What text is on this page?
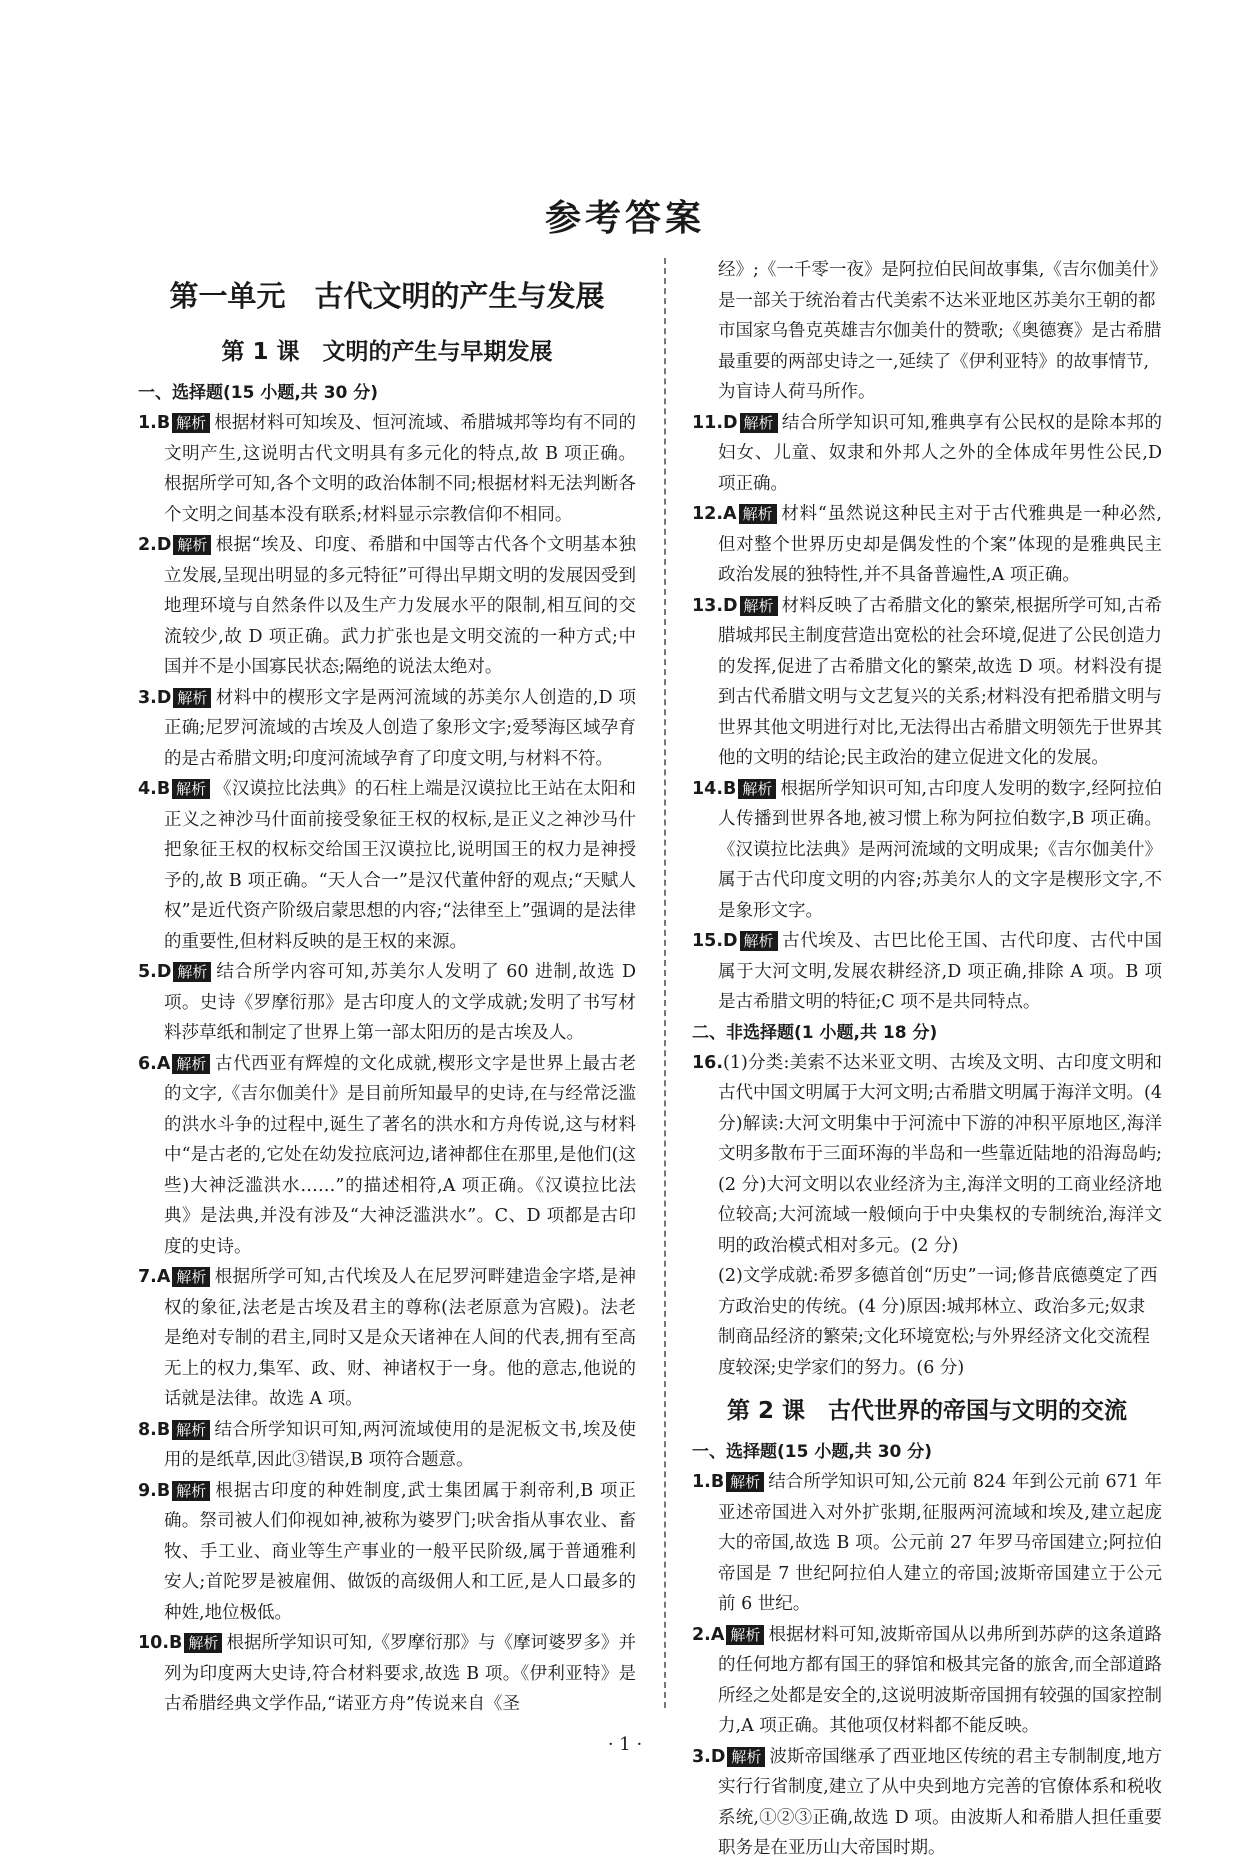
参考答案
第一单元　古代文明的产生与发展
第 1 课　文明的产生与早期发展
一、选择题(15 小题,共 30 分)

1.B 解析 根据材料可知埃及、恒河流域、希腊城邦等均有不同的文明产生,这说明古代文明具有多元化的特点,故 B 项正确。根据所学可知,各个文明的政治体制不同;根据材料无法判断各个文明之间基本没有联系;材料显示宗教信仰不相同。

2.D 解析 根据“埃及、印度、希腊和中国等古代各个文明基本独立发展,呈现出明显的多元特征”可得出早期文明的发展因受到地理环境与自然条件以及生产力发展水平的限制,相互间的交流较少,故 D 项正确。武力扩张也是文明交流的一种方式;中国并不是小国寡民状态;隔绝的说法太绝对。

3.D 解析 材料中的楔形文字是两河流域的苏美尔人创造的,D 项正确;尼罗河流域的古埃及人创造了象形文字;爱琴海区域孕育的是古希腊文明;印度河流域孕育了印度文明,与材料不符。

4.B 解析 《汉谟拉比法典》的石柱上端是汉谟拉比王站在太阳和正义之神沙马什面前接受象征王权的权标,是正义之神沙马什把象征王权的权标交给国王汉谟拉比,说明国王的权力是神授予的,故 B 项正确。“天人合一”是汉代董仲舒的观点;“天赋人权”是近代资产阶级启蒙思想的内容;“法律至上”强调的是法律的重要性,但材料反映的是王权的来源。

5.D 解析 结合所学内容可知,苏美尔人发明了 60 进制,故选 D 项。史诗《罗摩衍那》是古印度人的文学成就;发明了书写材料莎草纸和制定了世界上第一部太阳历的是古埃及人。

6.A 解析 古代西亚有辉煌的文化成就,楔形文字是世界上最古老的文字,《吉尔伽美什》是目前所知最早的史诗,在与经常泛滥的洪水斗争的过程中,诞生了著名的洪水和方舟传说,这与材料中“是古老的,它处在幼发拉底河边,诸神都住在那里,是他们(这些)大神泛滥洪水……”的描述相符,A 项正确。《汉谟拉比法典》是法典,并没有涉及“大神泛滥洪水”。C、D 项都是古印度的史诗。

7.A 解析 根据所学可知,古代埃及人在尼罗河畔建造金字塔,是神权的象征,法老是古埃及君主的尊称(法老原意为宫殿)。法老是绝对专制的君主,同时又是众天诸神在人间的代表,拥有至高无上的权力,集军、政、财、神诸权于一身。他的意志,他说的话就是法律。故选 A 项。

8.B 解析 结合所学知识可知,两河流域使用的是泥板文书,埃及使用的是纸草,因此③错误,B 项符合题意。

9.B 解析 根据古印度的种姓制度,武士集团属于刹帝利,B 项正确。祭司被人们仰视如神,被称为婆罗门;吠舍指从事农业、畜牧、手工业、商业等生产事业的一般平民阶级,属于普通雅利安人;首陀罗是被雇佣、做饭的高级佣人和工匠,是人口最多的种姓,地位极低。

10.B 解析 根据所学知识可知,《罗摩衍那》与《摩诃婆罗多》并列为印度两大史诗,符合材料要求,故选 B 项。《伊利亚特》是古希腊经典文学作品,“诺亚方舟”传说来自《圣

经》;《一千零一夜》是阿拉伯民间故事集,《吉尔伽美什》是一部关于统治着古代美索不达米亚地区苏美尔王朝的都市国家乌鲁克英雄吉尔伽美什的赞歌;《奥德赛》是古希腊最重要的两部史诗之一,延续了《伊利亚特》的故事情节,为盲诗人荷马所作。

11.D 解析 结合所学知识可知,雅典享有公民权的是除本邦的妇女、儿童、奴隶和外邦人之外的全体成年男性公民,D 项正确。

12.A 解析 材料“虽然说这种民主对于古代雅典是一种必然,但对整个世界历史却是偶发性的个案”体现的是雅典民主政治发展的独特性,并不具备普遍性,A 项正确。

13.D 解析 材料反映了古希腊文化的繁荣,根据所学可知,古希腊城邦民主制度营造出宽松的社会环境,促进了公民创造力的发挥,促进了古希腊文化的繁荣,故选 D 项。材料没有提到古代希腊文明与文艺复兴的关系;材料没有把希腊文明与世界其他文明进行对比,无法得出古希腊文明领先于世界其他的文明的结论;民主政治的建立促进文化的发展。

14.B 解析 根据所学知识可知,古印度人发明的数字,经阿拉伯人传播到世界各地,被习惯上称为阿拉伯数字,B 项正确。《汉谟拉比法典》是两河流域的文明成果;《吉尔伽美什》属于古代印度文明的内容;苏美尔人的文字是楔形文字,不是象形文字。

15.D 解析 古代埃及、古巴比伦王国、古代印度、古代中国属于大河文明,发展农耕经济,D 项正确,排除 A 项。B 项是古希腊文明的特征;C 项不是共同特点。

二、非选择题(1 小题,共 18 分)

16.(1)分类:美索不达米亚文明、古埃及文明、古印度文明和古代中国文明属于大河文明;古希腊文明属于海洋文明。(4 分)解读:大河文明集中于河流中下游的冲积平原地区,海洋文明多散布于三面环海的半岛和一些靠近陆地的沿海岛屿;(2 分)大河文明以农业经济为主,海洋文明的工商业经济地位较高;大河流域一般倾向于中央集权的专制统治,海洋文明的政治模式相对多元。(2 分)

(2)文学成就:希罗多德首创“历史”一词;修昔底德奠定了西方政治史的传统。(4 分)原因:城邦林立、政治多元;奴隶制商品经济的繁荣;文化环境宽松;与外界经济文化交流程度较深;史学家们的努力。(6 分)

第 2 课　古代世界的帝国与文明的交流
一、选择题(15 小题,共 30 分)

1.B 解析 结合所学知识可知,公元前 824 年到公元前 671 年亚述帝国进入对外扩张期,征服两河流域和埃及,建立起庞大的帝国,故选 B 项。公元前 27 年罗马帝国建立;阿拉伯帝国是 7 世纪阿拉伯人建立的帝国;波斯帝国建立于公元前 6 世纪。

2.A 解析 根据材料可知,波斯帝国从以弗所到苏萨的这条道路的任何地方都有国王的驿馆和极其完备的旅舍,而全部道路所经之处都是安全的,这说明波斯帝国拥有较强的国家控制力,A 项正确。其他项仅材料都不能反映。

3.D 解析 波斯帝国继承了西亚地区传统的君主专制制度,地方实行行省制度,建立了从中央到地方完善的官僚体系和税收系统,①②③正确,故选 D 项。由波斯人和希腊人担任重要职务是在亚历山大帝国时期。

· 1 ·
